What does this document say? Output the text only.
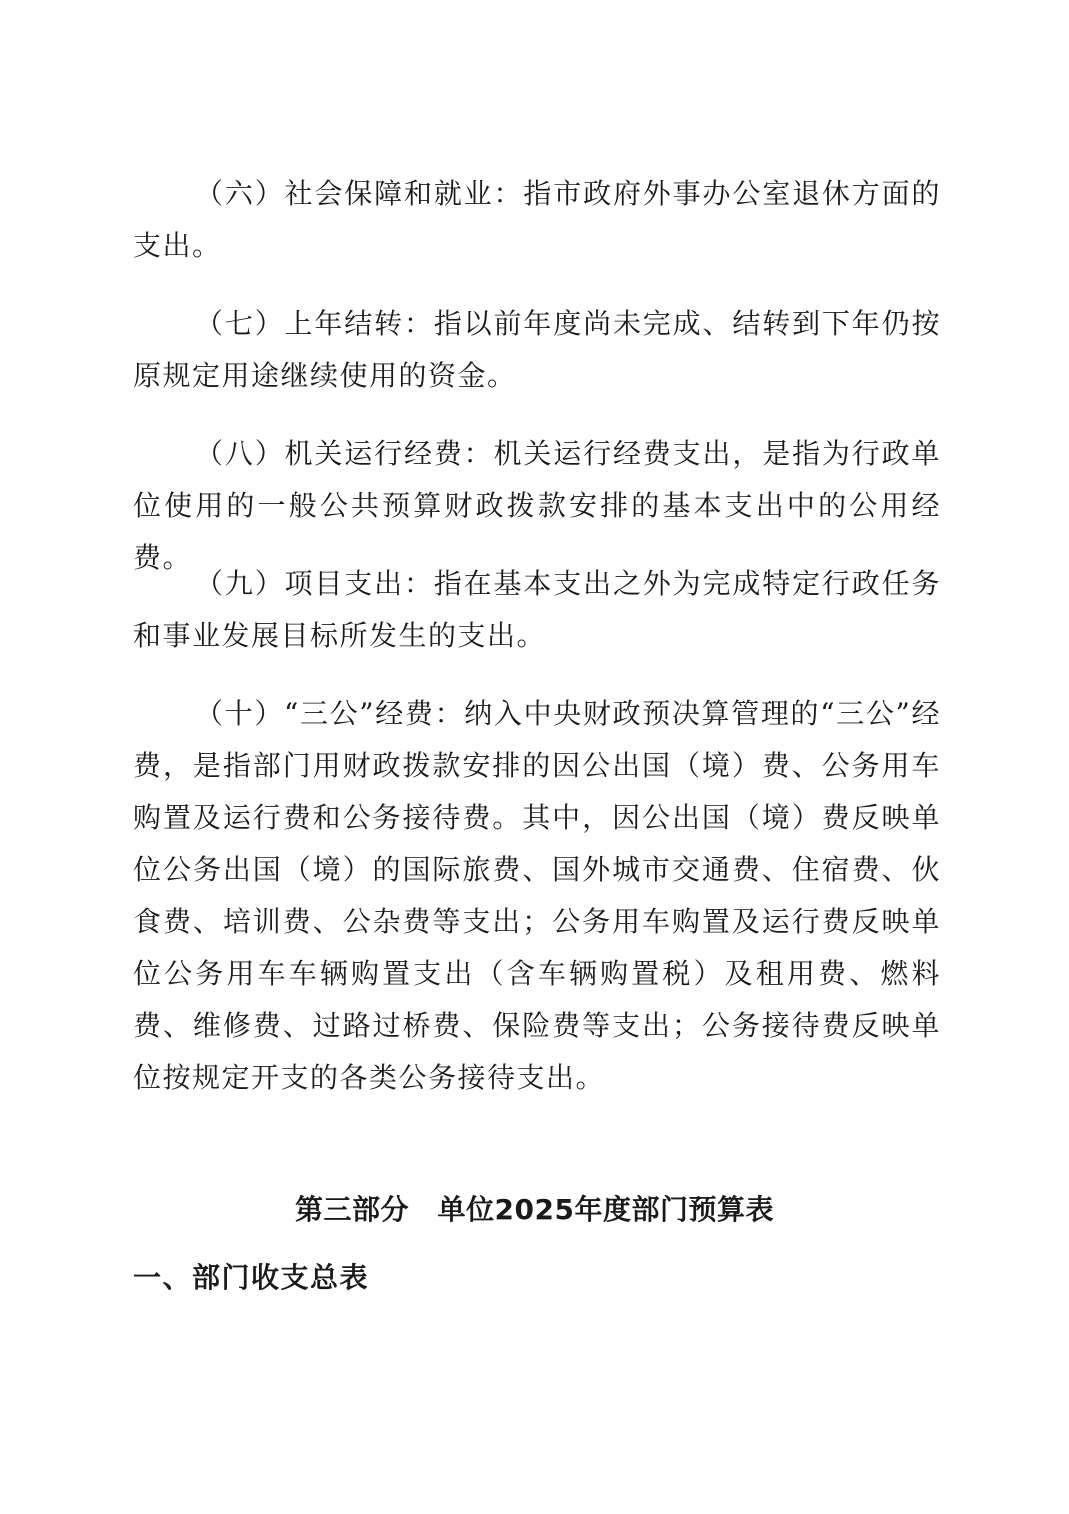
（六）社会保障和就业：指市政府外事办公室退休方面的支出。

（七）上年结转：指以前年度尚未完成、结转到下年仍按原规定用途继续使用的资金。

（八）机关运行经费：机关运行经费支出，是指为行政单位使用的一般公共预算财政拨款安排的基本支出中的公用经费。

（九）项目支出：指在基本支出之外为完成特定行政任务和事业发展目标所发生的支出。

（十）“三公”经费：纳入中央财政预决算管理的“三公”经费，是指部门用财政拨款安排的因公出国（境）费、公务用车购置及运行费和公务接待费。其中，因公出国（境）费反映单位公务出国（境）的国际旅费、国外城市交通费、住宿费、伙食费、培训费、公杂费等支出；公务用车购置及运行费反映单位公务用车车辆购置支出（含车辆购置税）及租用费、燃料费、维修费、过路过桥费、保险费等支出；公务接待费反映单位按规定开支的各类公务接待支出。

第三部分　单位2025年度部门预算表
一、部门收支总表
